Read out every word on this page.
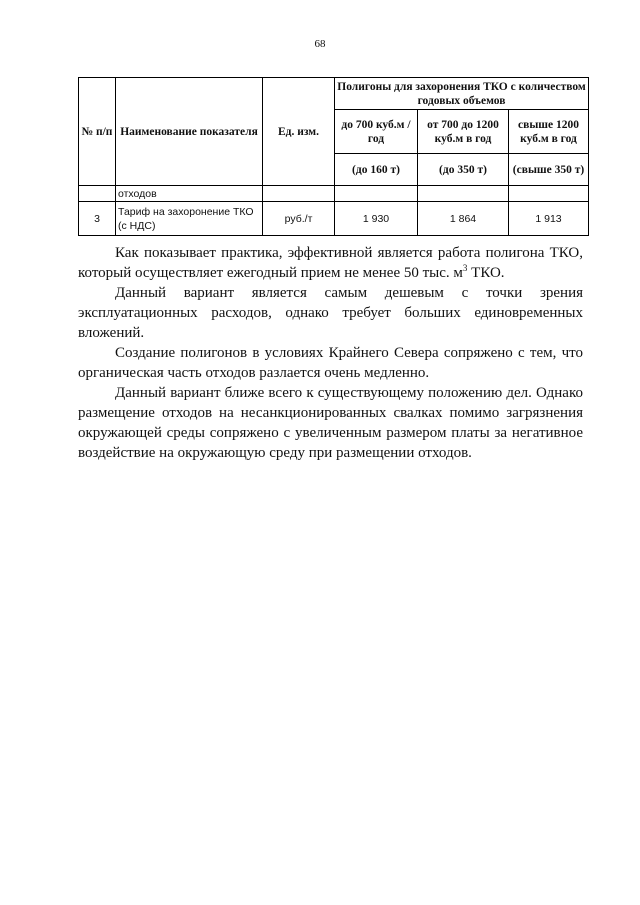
68
№ п/п	Наименование показателя	Ед. изм.	Полигоны для захоронения ТКО с количеством годовых объемов		
			до 700 куб.м /год	от 700 до 1200 куб.м в год	свыше 1200 куб.м в год
			(до 160 т)	(до 350 т)	(свыше 350 т)
	отходов				
3	Тариф на захоронение ТКО (с НДС)	руб./т	1 930	1 864	1 913

Как показывает практика, эффективной является работа полигона ТКО, который осуществляет ежегодный прием не менее 50 тыс. $м^3$ ТКО.

Данный вариант является самым дешевым с точки зрения эксплуатационных расходов, однако требует больших единовременных вложений.

Создание полигонов в условиях Крайнего Севера сопряжено с тем, что органическая часть отходов разлается очень медленно.

Данный вариант ближе всего к существующему положению дел. Однако размещение отходов на несанкционированных свалках помимо загрязнения окружающей среды сопряжено с увеличенным размером платы за негативное воздействие на окружающую среду при размещении отходов.
